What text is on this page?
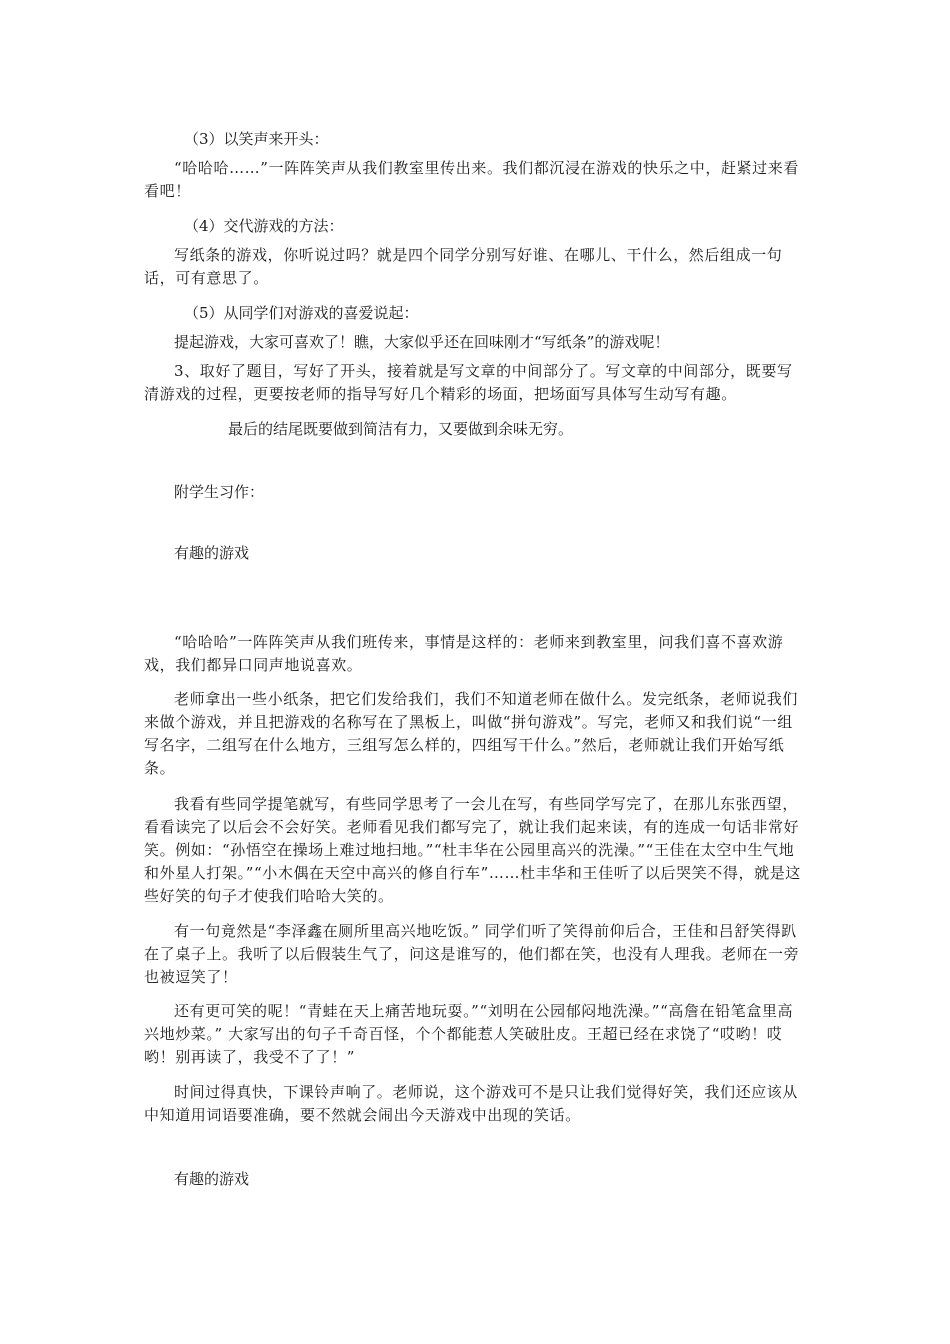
（3）以笑声来开头：

“哈哈哈……”一阵阵笑声从我们教室里传出来。我们都沉浸在游戏的快乐之中，赶紧过来看看吧！

（4）交代游戏的方法：

写纸条的游戏，你听说过吗？就是四个同学分别写好谁、在哪儿、干什么，然后组成一句话，可有意思了。

（5）从同学们对游戏的喜爱说起：

提起游戏，大家可喜欢了！瞧，大家似乎还在回味刚才“写纸条”的游戏呢！

3、取好了题目，写好了开头，接着就是写文章的中间部分了。写文章的中间部分，既要写清游戏的过程，更要按老师的指导写好几个精彩的场面，把场面写具体写生动写有趣。

最后的结尾既要做到简洁有力，又要做到余味无穷。

附学生习作：

有趣的游戏

“哈哈哈”一阵阵笑声从我们班传来，事情是这样的：老师来到教室里，问我们喜不喜欢游戏，我们都异口同声地说喜欢。

老师拿出一些小纸条，把它们发给我们，我们不知道老师在做什么。发完纸条，老师说我们来做个游戏，并且把游戏的名称写在了黑板上，叫做“拼句游戏”。写完，老师又和我们说“一组写名字，二组写在什么地方，三组写怎么样的，四组写干什么。”然后，老师就让我们开始写纸条。

我看有些同学提笔就写，有些同学思考了一会儿在写，有些同学写完了，在那儿东张西望，看看读完了以后会不会好笑。老师看见我们都写完了，就让我们起来读，有的连成一句话非常好笑。例如：“孙悟空在操场上难过地扫地。”“杜丰华在公园里高兴的洗澡。”“王佳在太空中生气地和外星人打架。”“小木偶在天空中高兴的修自行车”……杜丰华和王佳听了以后哭笑不得，就是这些好笑的句子才使我们哈哈大笑的。

有一句竟然是“李泽鑫在厕所里高兴地吃饭。” 同学们听了笑得前仰后合，王佳和吕舒笑得趴在了桌子上。我听了以后假装生气了，问这是谁写的，他们都在笑，也没有人理我。老师在一旁也被逗笑了！

还有更可笑的呢！“青蛙在天上痛苦地玩耍。”“刘明在公园郁闷地洗澡。”“高詹在铅笔盒里高兴地炒菜。” 大家写出的句子千奇百怪，个个都能惹人笑破肚皮。王超已经在求饶了“哎哟！哎哟！别再读了，我受不了了！”

时间过得真快，下课铃声响了。老师说，这个游戏可不是只让我们觉得好笑，我们还应该从中知道用词语要准确，要不然就会闹出今天游戏中出现的笑话。

有趣的游戏
